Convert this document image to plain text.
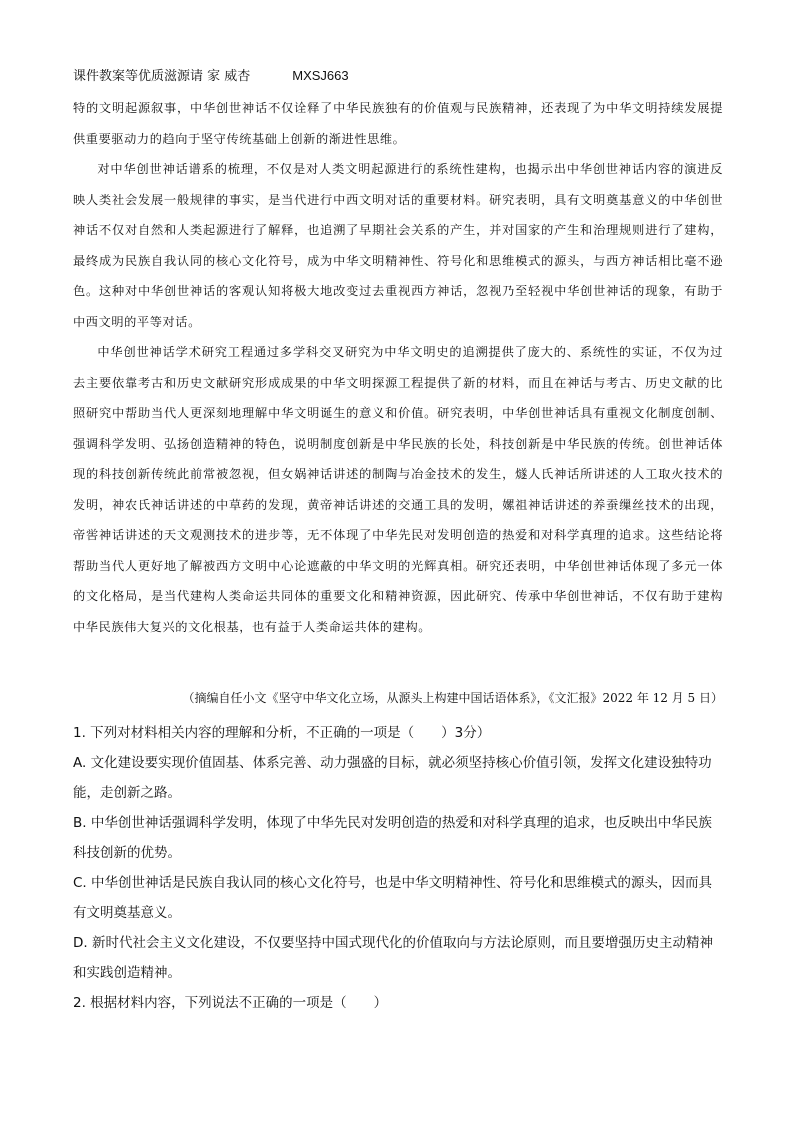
课件教案等优质滋源请 家 威杏	MXSJ663

特的文明起源叙事，中华创世神话不仅诠释了中华民族独有的价值观与民族精神，还表现了为中华文明持续发展提供重要驱动力的趋向于坚守传统基础上创新的渐进性思维。

对中华创世神话谱系的梳理，不仅是对人类文明起源进行的系统性建构，也揭示出中华创世神话内容的演进反映人类社会发展一般规律的事实，是当代进行中西文明对话的重要材料。研究表明，具有文明奠基意义的中华创世神话不仅对自然和人类起源进行了解释，也追溯了早期社会关系的产生，并对国家的产生和治理规则进行了建构，最终成为民族自我认同的核心文化符号，成为中华文明精神性、符号化和思维模式的源头，与西方神话相比毫不逊色。这种对中华创世神话的客观认知将极大地改变过去重视西方神话，忽视乃至轻视中华创世神话的现象，有助于中西文明的平等对话。

中华创世神话学术研究工程通过多学科交叉研究为中华文明史的追溯提供了庞大的、系统性的实证，不仅为过去主要依靠考古和历史文献研究形成成果的中华文明探源工程提供了新的材料，而且在神话与考古、历史文献的比照研究中帮助当代人更深刻地理解中华文明诞生的意义和价值。研究表明，中华创世神话具有重视文化制度创制、强调科学发明、弘扬创造精神的特色，说明制度创新是中华民族的长处，科技创新是中华民族的传统。创世神话体现的科技创新传统此前常被忽视，但女娲神话讲述的制陶与冶金技术的发生，燧人氏神话所讲述的人工取火技术的发明，神农氏神话讲述的中草药的发现，黄帝神话讲述的交通工具的发明，嫘祖神话讲述的养蚕缫丝技术的出现，帝喾神话讲述的天文观测技术的进步等，无不体现了中华先民对发明创造的热爱和对科学真理的追求。这些结论将帮助当代人更好地了解被西方文明中心论遮蔽的中华文明的光辉真相。研究还表明，中华创世神话体现了多元一体的文化格局，是当代建构人类命运共同体的重要文化和精神资源，因此研究、传承中华创世神话，不仅有助于建构中华民族伟大复兴的文化根基，也有益于人类命运共体的建构。

（摘编自任小文《坚守中华文化立场，从源头上构建中国话语体系》，《文汇报》2022 年 12 月 5 日）

1. 下列对材料相关内容的理解和分析，不正确的一项是（　　）3分）

A. 文化建设要实现价值固基、体系完善、动力强盛的目标，就必须坚持核心价值引领，发挥文化建设独特功能，走创新之路。

B. 中华创世神话强调科学发明，体现了中华先民对发明创造的热爱和对科学真理的追求，也反映出中华民族科技创新的优势。

C. 中华创世神话是民族自我认同的核心文化符号，也是中华文明精神性、符号化和思维模式的源头，因而具有文明奠基意义。

D. 新时代社会主义文化建设，不仅要坚持中国式现代化的价值取向与方法论原则，而且要增强历史主动精神和实践创造精神。

2. 根据材料内容，下列说法不正确的一项是（　　）
